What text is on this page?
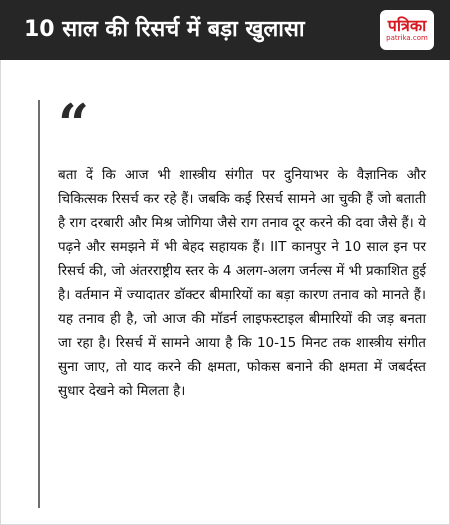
10 साल की रिसर्च में बड़ा खुलासा	पत्रिका
patrika.com
“

बता दें कि आज भी शास्त्रीय संगीत पर दुनियाभर के वैज्ञानिक और चिकित्सक रिसर्च कर रहे हैं। जबकि कई रिसर्च सामने आ चुकी हैं जो बताती है राग दरबारी और मिश्र जोगिया जैसे राग तनाव दूर करने की दवा जैसे हैं। ये पढ़ने और समझने में भी बेहद सहायक हैं। IIT कानपुर ने 10 साल इन पर रिसर्च की, जो अंतरराष्ट्रीय स्तर के 4 अलग-अलग जर्नल्स में भी प्रकाशित हुई है। वर्तमान में ज्यादातर डॉक्टर बीमारियों का बड़ा कारण तनाव को मानते हैं। यह तनाव ही है, जो आज की मॉडर्न लाइफस्टाइल बीमारियों की जड़ बनता जा रहा है। रिसर्च में सामने आया है कि 10-15 मिनट तक शास्त्रीय संगीत सुना जाए, तो याद करने की क्षमता, फोकस बनाने की क्षमता में जबर्दस्त सुधार देखने को मिलता है।
